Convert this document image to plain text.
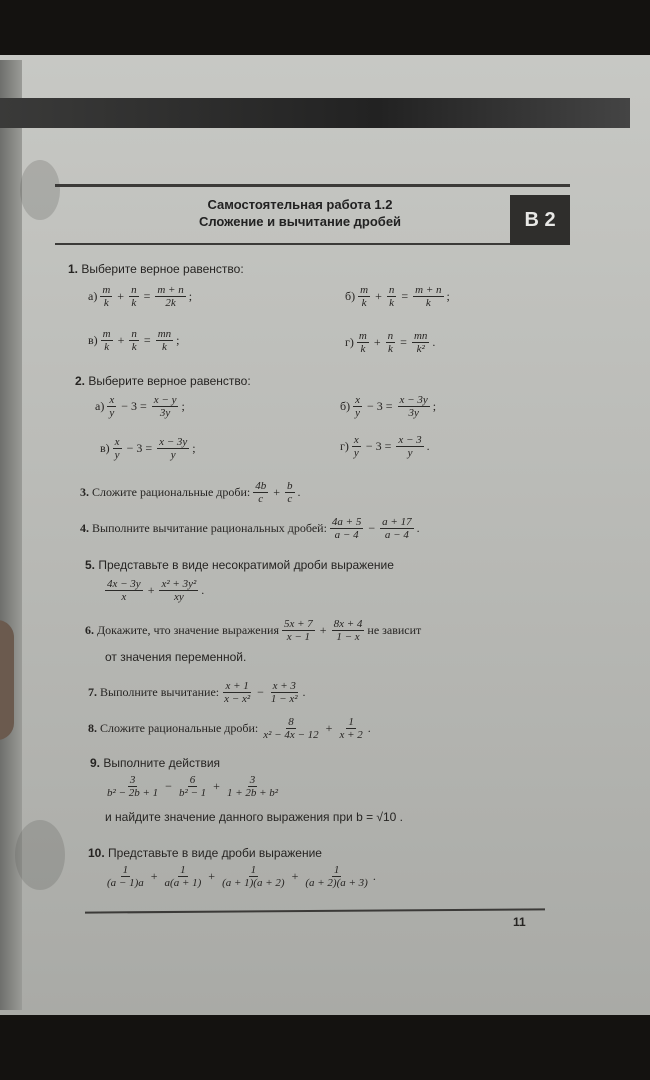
Самостоятельная работа 1.2
Сложение и вычитание дробей	В 2
1. Выберите верное равенство:
$а) \frac{m}{k} + \frac{n}{k} = \frac{m + n}{2k}$ ;	$б) \frac{m}{k} + \frac{n}{k} = \frac{m + n}{k}$ ;
$в) \frac{m}{k} + \frac{n}{k} = \frac{mn}{k}$ ;	$г) \frac{m}{k} + \frac{n}{k} = \frac{mn}{\text{k²}}$ .
2. Выберите верное равенство:
$а) \frac{x}{y} - 3 = \frac{x - y}{3y}$ ;	$б) \frac{x}{y} - 3 = \frac{x - 3y}{3y}$ ;
$в) \frac{x}{y} - 3 = \frac{x - 3y}{y}$ ;	$г) \frac{x}{y} - 3 = \frac{x - 3}{y}$ .
3. Сложите рациональные дроби: $\frac{4b}{c} + \frac{b}{c}$ .
4. Выполните вычитание рациональных дробей: $\frac{4a + 5}{a - 4} - \frac{a + 17}{a - 4}$ .
5. Представьте в виде несократимой дроби выражение
$\frac{4x - 3y}{x} + \frac{\text{x² + 3y²}}{xy}$ .
6. Докажите, что значение выражения $\frac{5x + 7}{x - 1} + \frac{8x + 4}{1 - x}$ не зависит
от значения переменной.
7. Выполните вычитание: $\frac{x + 1}{\text{x − x²}} - \frac{x + 3}{\text{1 − x²}}$ .
8. Сложите рациональные дроби: $\frac{8}{\text{x² − 4x − 12}} + \frac{1}{x + 2}$ .
9. Выполните действия
$\frac{3}{\text{b² − 2b + 1}} - \frac{6}{\text{b² − 1}} + \frac{3}{\text{1 + 2b + b²}}$
и найдите значение данного выражения при b = √10 .
10. Представьте в виде дроби выражение
$\frac{1}{(a - 1)a} + \frac{1}{a(a + 1)} + \frac{1}{(a + 1)(a + 2)} + \frac{1}{(a + 2)(a + 3)}$ .
11
